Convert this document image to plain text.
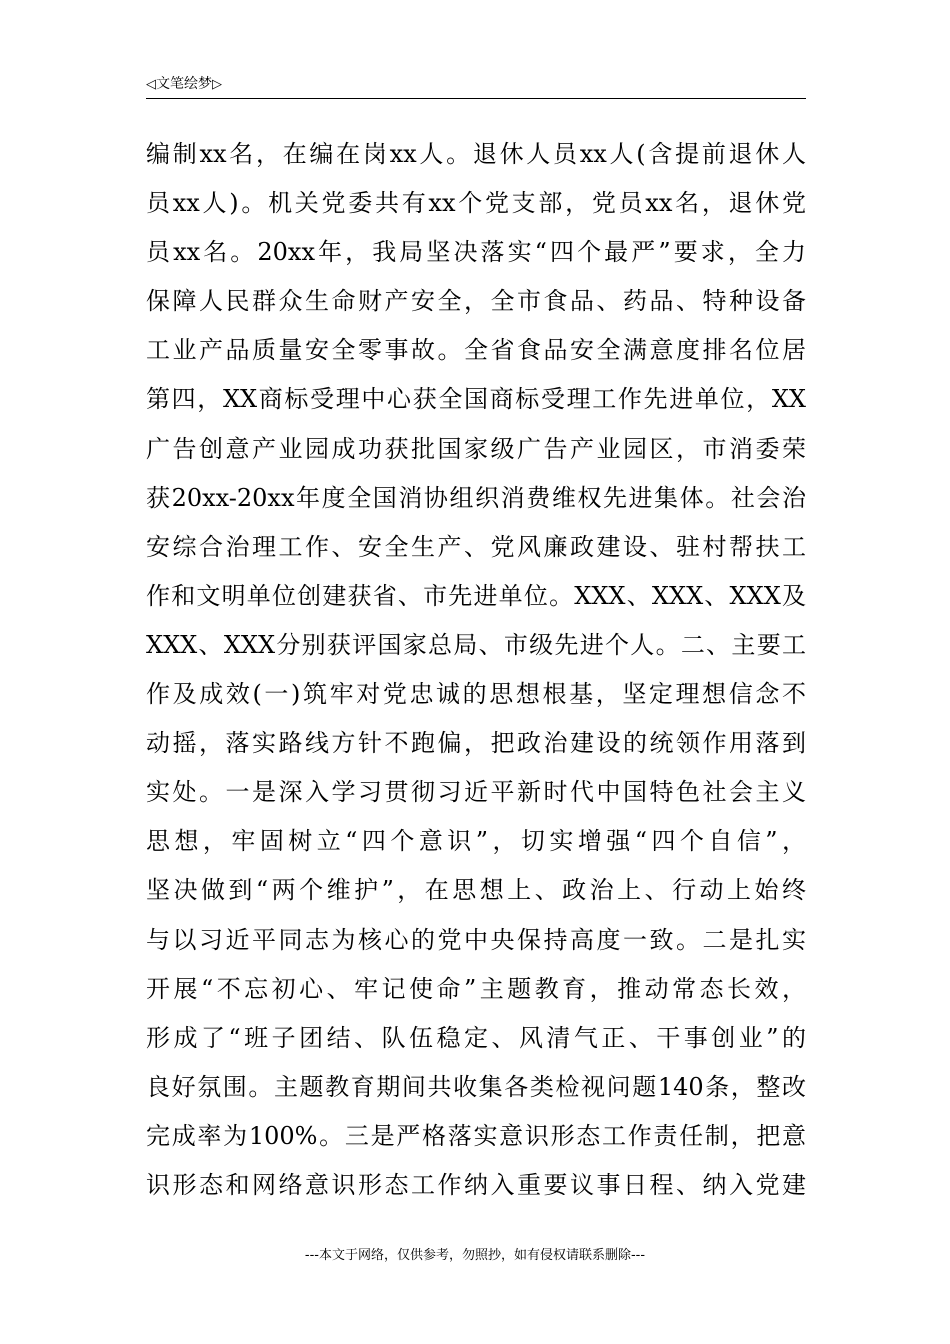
◁文笔绘梦▷
编制xx名，在编在岗xx人。退休人员xx人(含提前退休人
员xx人)。机关党委共有xx个党支部，党员xx名，退休党
员xx名。20xx年，我局坚决落实“四个最严”要求，全力
保障人民群众生命财产安全，全市食品、药品、特种设备
工业产品质量安全零事故。全省食品安全满意度排名位居
第四，XX商标受理中心获全国商标受理工作先进单位，XX
广告创意产业园成功获批国家级广告产业园区，市消委荣
获20xx-20xx年度全国消协组织消费维权先进集体。社会治
安综合治理工作、安全生产、党风廉政建设、驻村帮扶工
作和文明单位创建获省、市先进单位。XXX、XXX、XXX及
XXX、XXX分别获评国家总局、市级先进个人。二、主要工
作及成效(一)筑牢对党忠诚的思想根基，坚定理想信念不
动摇，落实路线方针不跑偏，把政治建设的统领作用落到
实处。一是深入学习贯彻习近平新时代中国特色社会主义
思想，牢固树立“四个意识”，切实增强“四个自信”，
坚决做到“两个维护”，在思想上、政治上、行动上始终
与以习近平同志为核心的党中央保持高度一致。二是扎实
开展“不忘初心、牢记使命”主题教育，推动常态长效，
形成了“班子团结、队伍稳定、风清气正、干事创业”的
良好氛围。主题教育期间共收集各类检视问题140条，整改
完成率为100%。三是严格落实意识形态工作责任制，把意
识形态和网络意识形态工作纳入重要议事日程、纳入党建
---本文于网络，仅供参考，勿照抄，如有侵权请联系删除---
